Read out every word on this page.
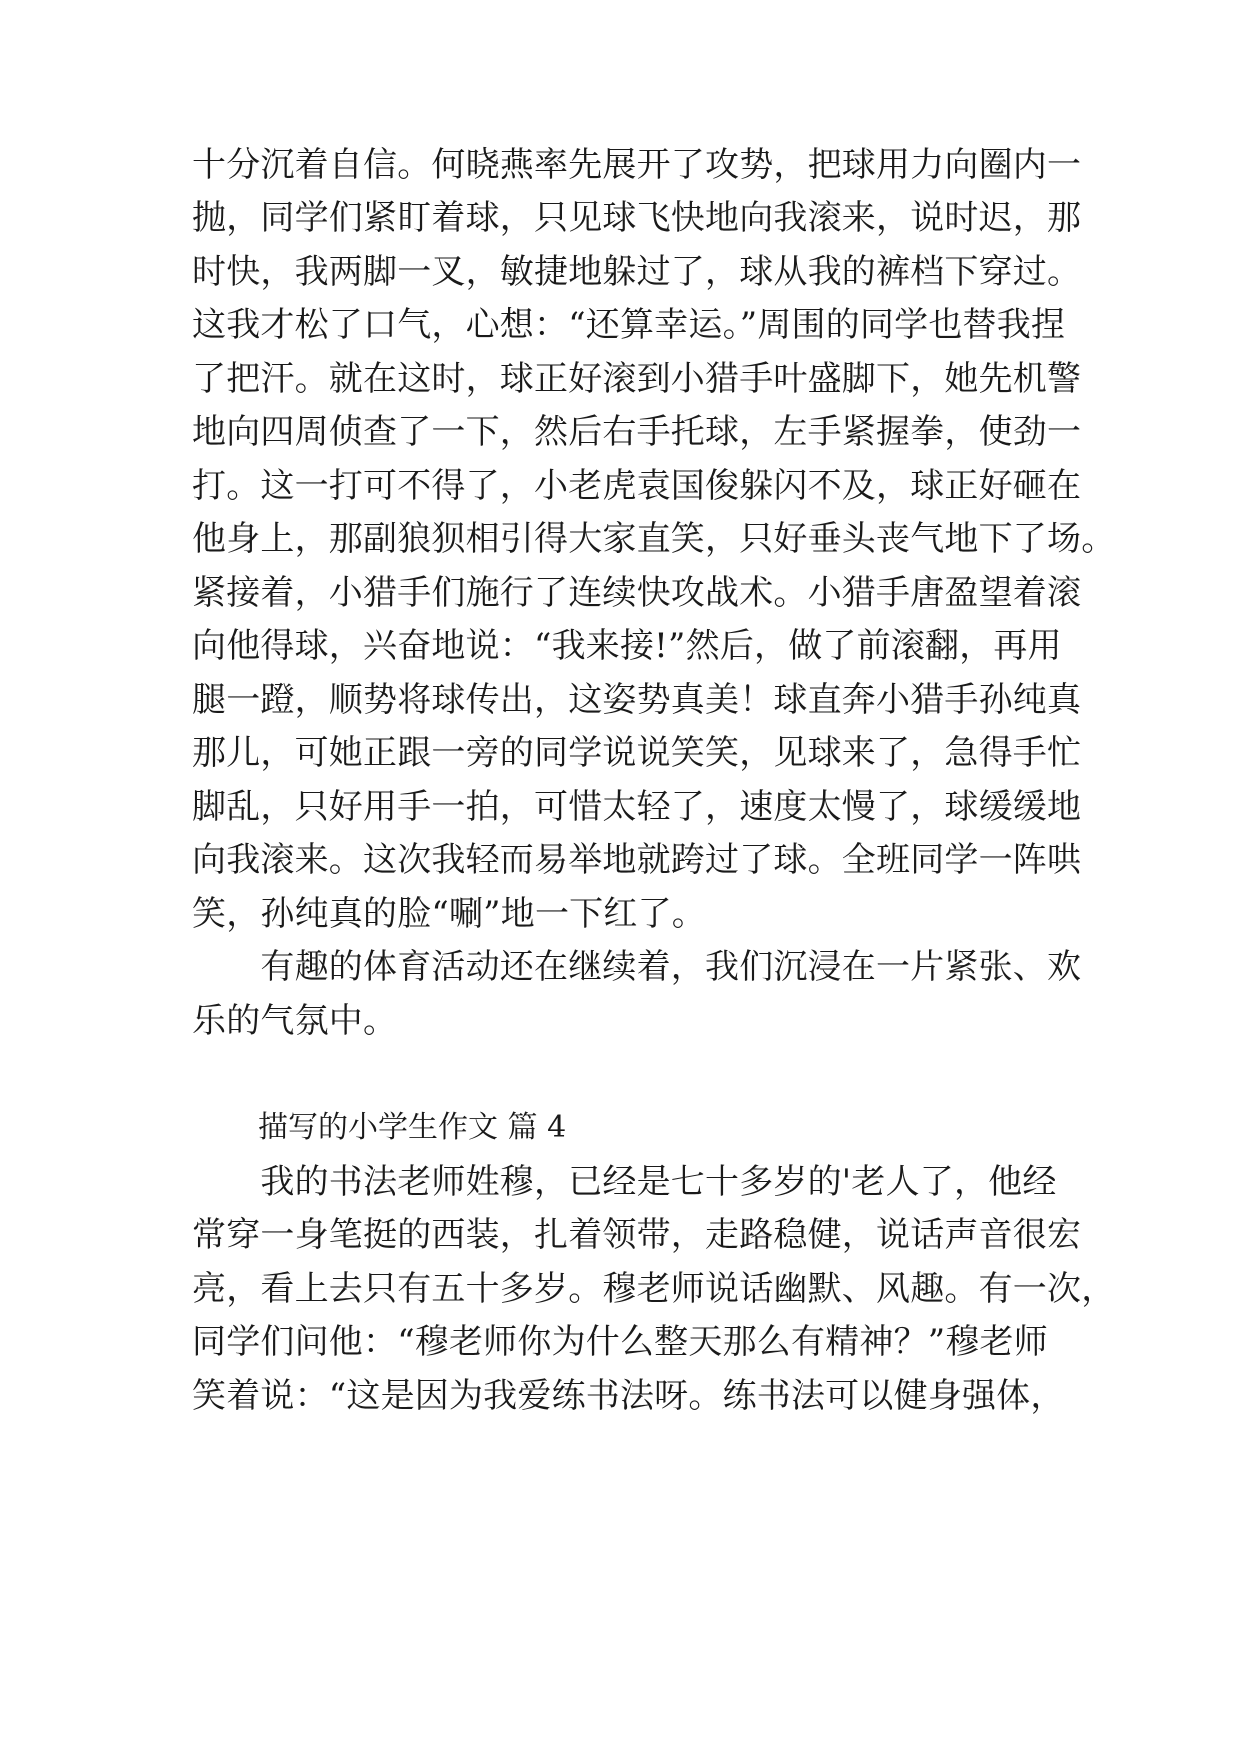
十分沉着自信。何晓燕率先展开了攻势，把球用力向圈内一
抛，同学们紧盯着球，只见球飞快地向我滚来，说时迟，那
时快，我两脚一叉，敏捷地躲过了，球从我的裤档下穿过。
这我才松了口气，心想：“还算幸运。”周围的同学也替我捏
了把汗。就在这时，球正好滚到小猎手叶盛脚下，她先机警
地向四周侦查了一下，然后右手托球，左手紧握拳，使劲一
打。这一打可不得了，小老虎袁国俊躲闪不及，球正好砸在
他身上，那副狼狈相引得大家直笑，只好垂头丧气地下了场。
紧接着，小猎手们施行了连续快攻战术。小猎手唐盈望着滚
向他得球，兴奋地说：“我来接!”然后，做了前滚翻，再用
腿一蹬，顺势将球传出，这姿势真美！球直奔小猎手孙纯真
那儿，可她正跟一旁的同学说说笑笑，见球来了，急得手忙
脚乱，只好用手一拍，可惜太轻了，速度太慢了，球缓缓地
向我滚来。这次我轻而易举地就跨过了球。全班同学一阵哄
笑，孙纯真的脸“唰”地一下红了。
　　有趣的体育活动还在继续着，我们沉浸在一片紧张、欢
乐的气氛中。
描写的小学生作文 篇 4
　　我的书法老师姓穆，已经是七十多岁的'老人了，他经
常穿一身笔挺的西装，扎着领带，走路稳健，说话声音很宏
亮，看上去只有五十多岁。穆老师说话幽默、风趣。有一次，
同学们问他：“穆老师你为什么整天那么有精神？”穆老师
笑着说：“这是因为我爱练书法呀。练书法可以健身强体，
